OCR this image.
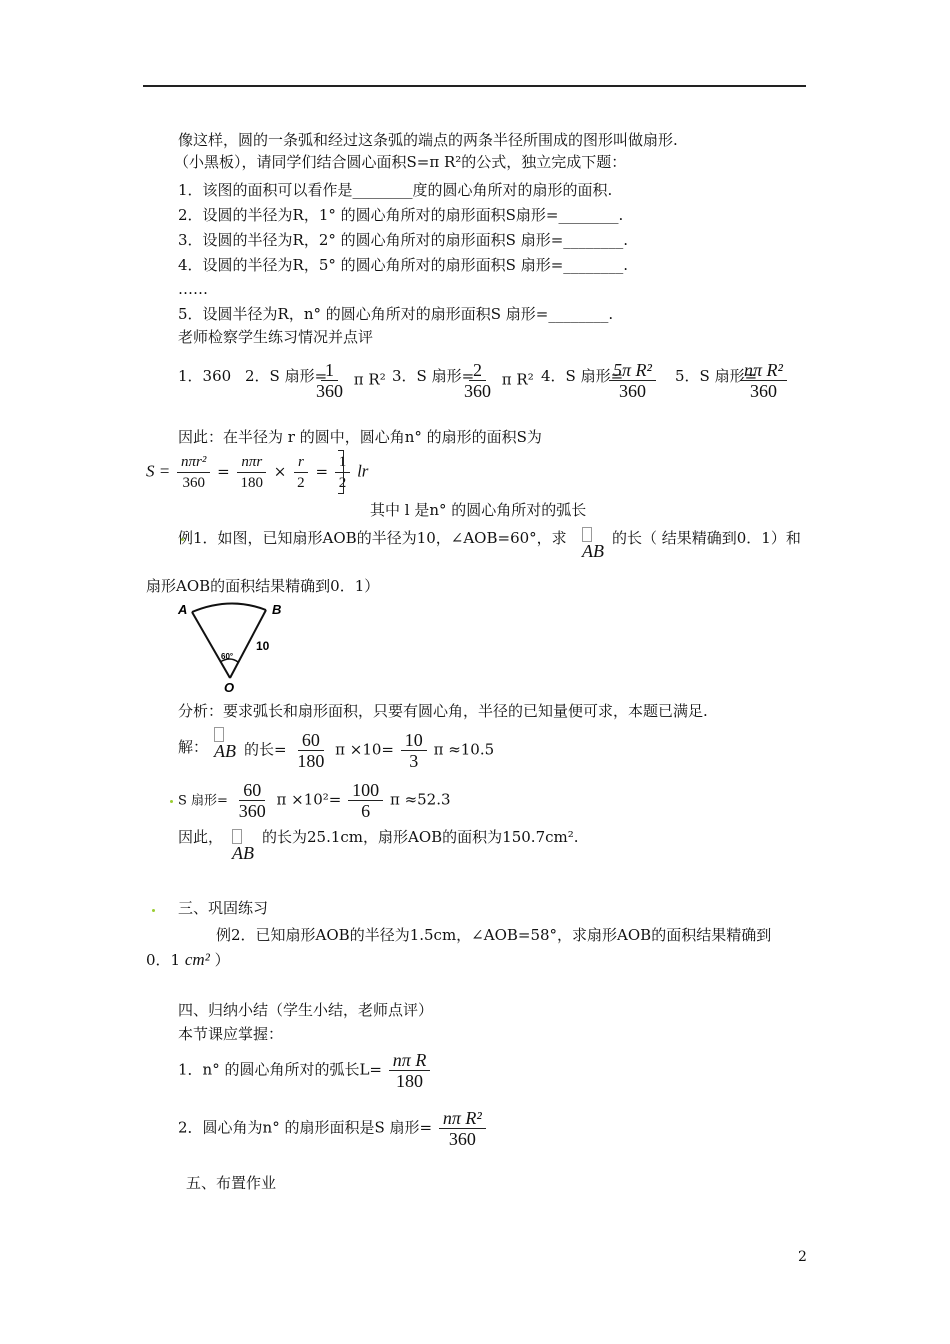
像这样，圆的一条弧和经过这条弧的端点的两条半径所围成的图形叫做扇形.
（小黑板），请同学们结合圆心面积S=π R²的公式，独立完成下题：
1．该图的面积可以看作是________度的圆心角所对的扇形的面积.
2．设圆的半径为R，1° 的圆心角所对的扇形面积S扇形=________.
3．设圆的半径为R，2° 的圆心角所对的扇形面积S 扇形=________.
4．设圆的半径为R，5° 的圆心角所对的扇形面积S 扇形=________.
……
5．设圆半径为R，n° 的圆心角所对的扇形面积S 扇形=________.
老师检察学生练习情况并点评
1．360 2．S 扇形=
$\frac{1}{360}$ π R² 3．S 扇形=
$\frac{2}{360}$ π R² 4．S 扇形=
$\frac{\text{5π R²}}{360} 5$．S 扇形=
$\frac{\text{nπ R²}}{360}$
因此：在半径为 r 的圆中，圆心角n° 的扇形的面积S为
$S = \frac{\text{nπr²}}{360} = \frac{\text{nπr}}{180} \times \frac{r}{2} = \frac{1}{2}$ lr
其中 l 是n° 的圆心角所对的弧长
例1．如图，已知扇形AOB的半径为10，∠AOB=60°，求
AB
的长（ 结果精确到0．1）和
扇形AOB的面积结果精确到0．1）
A	B
O
10
60°
分析：要求弧长和扇形面积，只要有圆心角，半径的已知量便可求，本题已满足.
解： AB 的长= $\frac{60}{180}$ $\pi \times 10= \frac{10}{3}$ π ≈10.5
S 扇形= $\frac{60}{360}$ $\pi \times 10^2= \frac{100}{6}$ π ≈52.3
因此，
AB
的长为25.1cm，扇形AOB的面积为150.7cm².
三、巩固练习
例2．已知扇形AOB的半径为1.5cm，∠AOB=58°，求扇形AOB的面积结果精确到
0．1 cm² ）
四、归纳小结（学生小结，老师点评）
本节课应掌握：
1．n° 的圆心角所对的弧长$L= \frac{\text{nπ R}}{180}$
2．圆心角为n° 的扇形面积是S 扇形= $\frac{\text{nπ R²}}{360}$
五、布置作业
2
